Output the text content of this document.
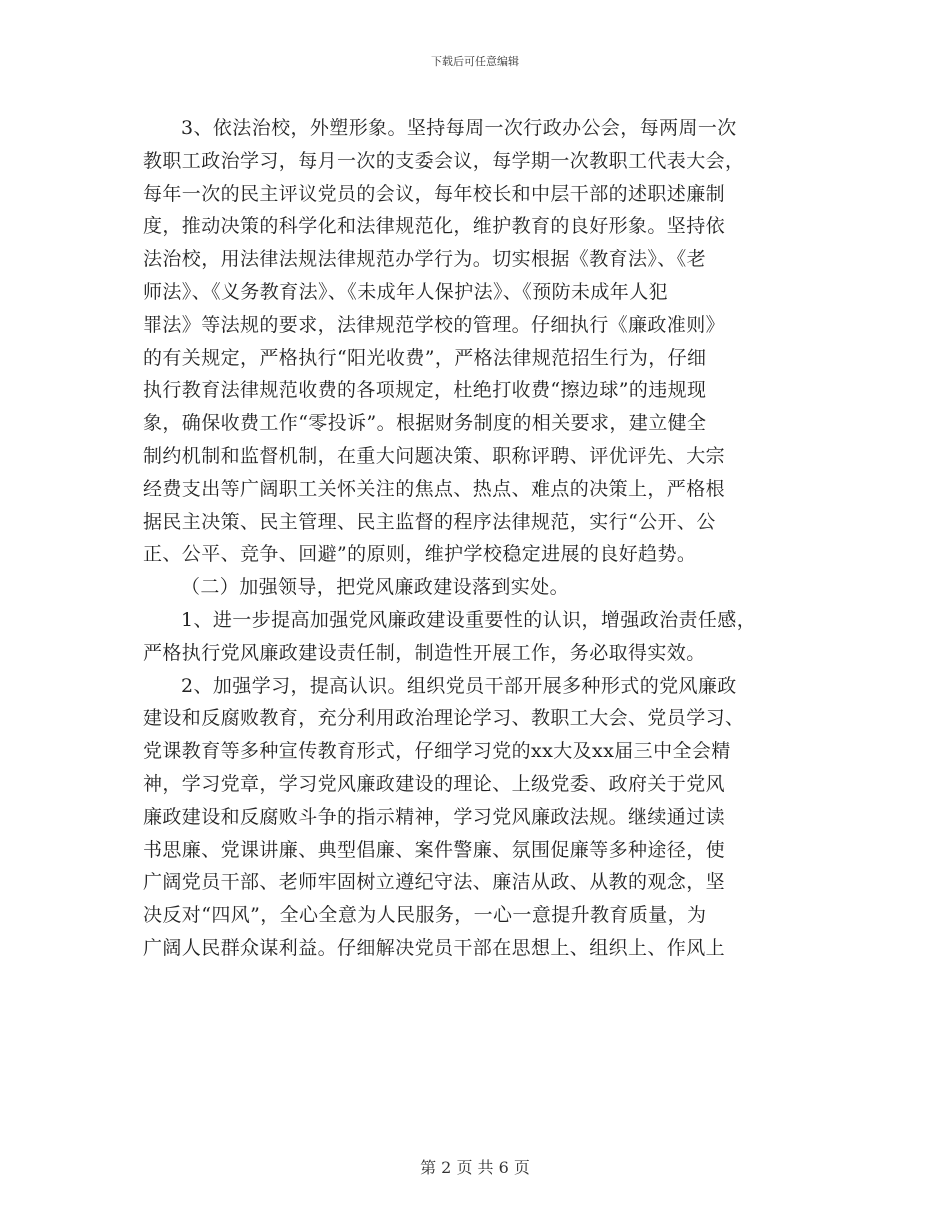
下载后可任意编辑
3、依法治校，外塑形象。坚持每周一次行政办公会，每两周一次
教职工政治学习，每月一次的支委会议，每学期一次教职工代表大会，
每年一次的民主评议党员的会议，每年校长和中层干部的述职述廉制
度，推动决策的科学化和法律规范化，维护教育的良好形象。坚持依
法治校，用法律法规法律规范办学行为。切实根据《教育法》、《老
师法》、《义务教育法》、《未成年人保护法》、《预防未成年人犯
罪法》等法规的要求，法律规范学校的管理。仔细执行《廉政准则》
的有关规定，严格执行“阳光收费”，严格法律规范招生行为，仔细
执行教育法律规范收费的各项规定，杜绝打收费“擦边球”的违规现
象，确保收费工作“零投诉”。根据财务制度的相关要求，建立健全
制约机制和监督机制，在重大问题决策、职称评聘、评优评先、大宗
经费支出等广阔职工关怀关注的焦点、热点、难点的决策上，严格根
据民主决策、民主管理、民主监督的程序法律规范，实行“公开、公
正、公平、竞争、回避”的原则，维护学校稳定进展的良好趋势。
（二）加强领导，把党风廉政建设落到实处。
1、进一步提高加强党风廉政建设重要性的认识，增强政治责任感，
严格执行党风廉政建设责任制，制造性开展工作，务必取得实效。
2、加强学习，提高认识。组织党员干部开展多种形式的党风廉政
建设和反腐败教育，充分利用政治理论学习、教职工大会、党员学习、
党课教育等多种宣传教育形式，仔细学习党的xx大及xx届三中全会精
神，学习党章，学习党风廉政建设的理论、上级党委、政府关于党风
廉政建设和反腐败斗争的指示精神，学习党风廉政法规。继续通过读
书思廉、党课讲廉、典型倡廉、案件警廉、氛围促廉等多种途径，使
广阔党员干部、老师牢固树立遵纪守法、廉洁从政、从教的观念，坚
决反对“四风”，全心全意为人民服务，一心一意提升教育质量，为
广阔人民群众谋利益。仔细解决党员干部在思想上、组织上、作风上
第 2 页 共 6 页
